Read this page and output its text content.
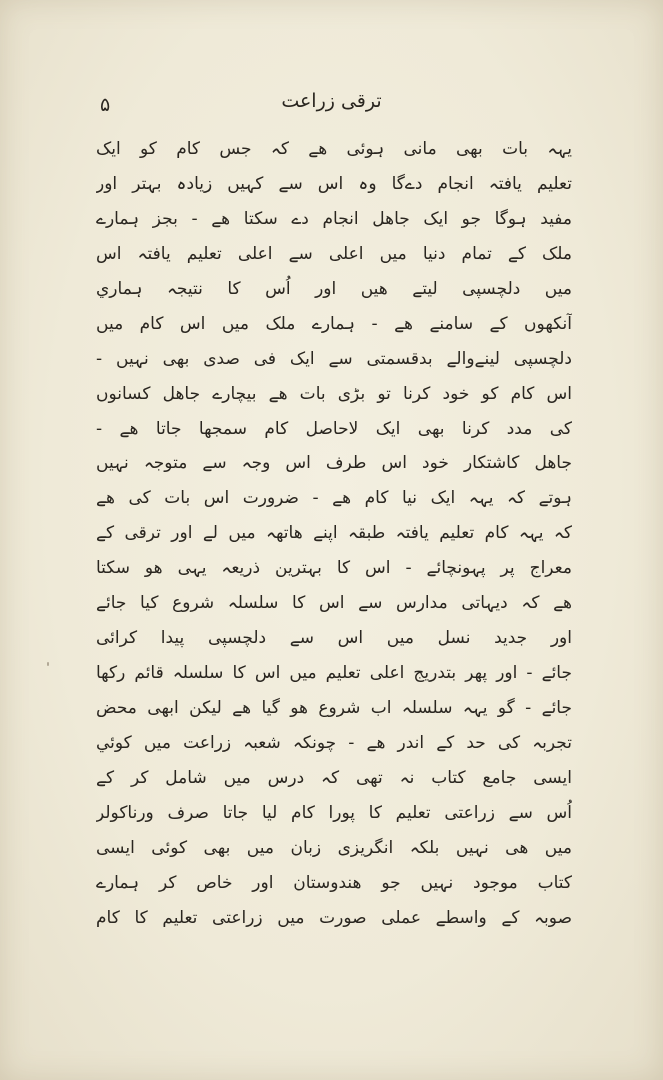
۵	ترقی زراعت
یہہ بات بھی مانی ہوئی ھے کہ جس کام کو ایک
تعلیم یافتہ انجام دےگا وہ اس سے کہیں زیادہ بہتر اور
مفید ہوگا جو ایک جاھل انجام دے سکتا ھے - بجز ہمارے
ملک کے تمام دنیا میں اعلی سے اعلی تعلیم یافتہ اس
میں دلچسپی لیتے ھیں اور اُس کا نتیجہ ہماري
آنکھوں کے سامنے ھے - ہمارے ملک میں اس کام میں
دلچسپی لینےوالے بدقسمتی سے ایک فی صدی بھی نہیں -
اس کام کو خود کرنا تو بڑی بات ھے بیچارے جاھل کسانوں
کی مدد کرنا بھی ایک لاحاصل کام سمجھا جاتا ھے -
جاھل کاشتکار خود اس طرف اس وجہ سے متوجہ نہیں
ہوتے کہ یہہ ایک نیا کام ھے - ضرورت اس بات کی ھے
کہ یہہ کام تعلیم یافتہ طبقہ اپنے ھاتھہ میں لے اور ترقی کے
معراج پر پہونچائے - اس کا بہترین ذریعہ یہی ھو سکتا
ھے کہ دیہاتی مدارس سے اس کا سلسلہ شروع کیا جائے
اور جدید نسل میں اس سے دلچسپی پیدا کرائی
جائے - اور پھر بتدریج اعلی تعلیم میں اس کا سلسلہ قائم رکھا
جائے - گو یہہ سلسلہ اب شروع ھو گیا ھے لیکن ابھی محض
تجربہ کی حد کے اندر ھے - چونکہ شعبہ زراعت میں کوئي
ایسی جامع کتاب نہ تھی کہ درس میں شامل کر کے
اُس سے زراعتی تعلیم کا پورا کام لیا جاتا صرف ورناکولر
میں ھی نہیں بلکہ انگریزی زبان میں بھی کوئی ایسی
کتاب موجود نہیں جو ھندوستان اور خاص کر ہمارے
صوبہ کے واسطے عملی صورت میں زراعتی تعلیم کا کام
